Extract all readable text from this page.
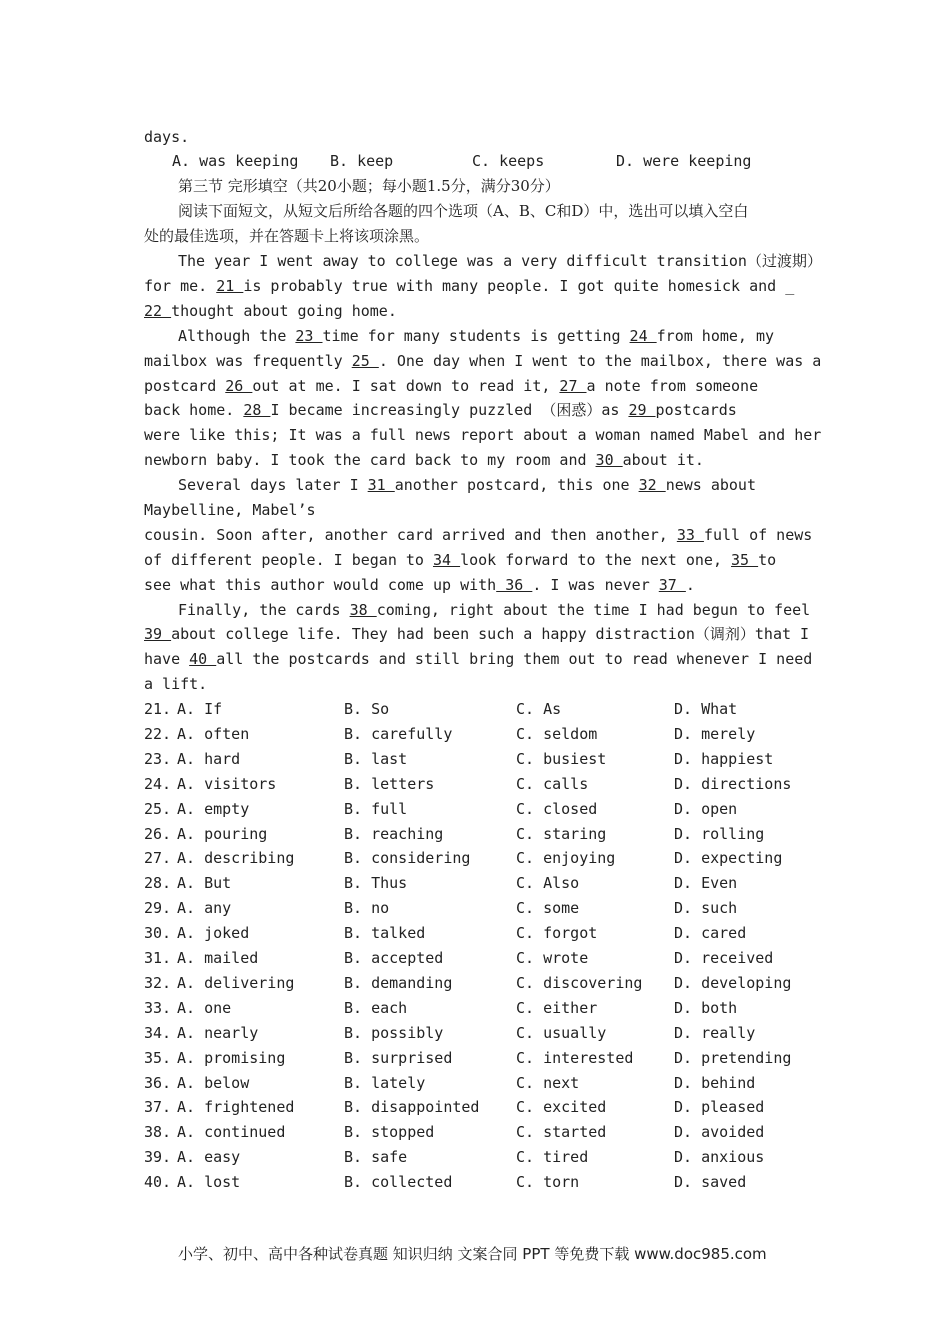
days.
A. was keeping B. keep	C. keeps	D. were keeping
第三节 完形填空（共20小题；每小题1.5分，满分30分）
阅读下面短文，从短文后所给各题的四个选项（A、B、C和D）中，选出可以填入空白
处的最佳选项，并在答题卡上将该项涂黑。
The year I went away to college was a very difficult transition（过渡期）
for me. 21 is probably true with many people. I got quite homesick and _
22 thought about going home.
Although the 23 time for many students is getting 24 from home, my
mailbox was frequently 25 . One day when I went to the mailbox, there was a
postcard 26 out at me. I sat down to read it, 27 a note from someone
back home. 28 I became increasingly puzzled （困惑）as 29 postcards
were like this; It was a full news report about a woman named Mabel and her
newborn baby. I took the card back to my room and 30 about it.
Several days later I 31 another postcard, this one 32 news about
Maybelline, Mabel’s
cousin. Soon after, another card arrived and then another, 33 full of news
of different people. I began to 34 look forward to the next one, 35 to
see what this author would come up with 36 . I was never 37 .
Finally, the cards 38 coming, right about the time I had begun to feel
39 about college life. They had been such a happy distraction（调剂）that I
have 40 all the postcards and still bring them out to read whenever I need
a lift.
21. A. If	B. So	C. As	D. What
22. A. often	B. carefully	C. seldom	D. merely
23. A. hard	B. last	C. busiest	D. happiest
24. A. visitors	B. letters	C. calls	D. directions
25. A. empty	B. full	C. closed	D. open
26. A. pouring	B. reaching	C. staring	D. rolling
27. A. describing	B. considering	C. enjoying	D. expecting
28. A. But	B. Thus	C. Also	D. Even
29. A. any	B. no	C. some	D. such
30. A. joked	B. talked	C. forgot	D. cared
31. A. mailed	B. accepted	C. wrote	D. received
32. A. delivering	B. demanding	C. discovering D. developing
33. A. one	B. each	C. either	D. both
34. A. nearly	B. possibly	C. usually	D. really
35. A. promising	B. surprised	C. interested	D. pretending
36. A. below	B. lately	C. next	D. behind
37. A. frightened	B. disappointed C. excited	D. pleased
38. A. continued	B. stopped	C. started	D. avoided
39. A. easy	B. safe	C. tired	D. anxious
40. A. lost	B. collected	C. torn	D. saved
小学、初中、高中各种试卷真题 知识归纳 文案合同 PPT 等免费下载 www.doc985.com
